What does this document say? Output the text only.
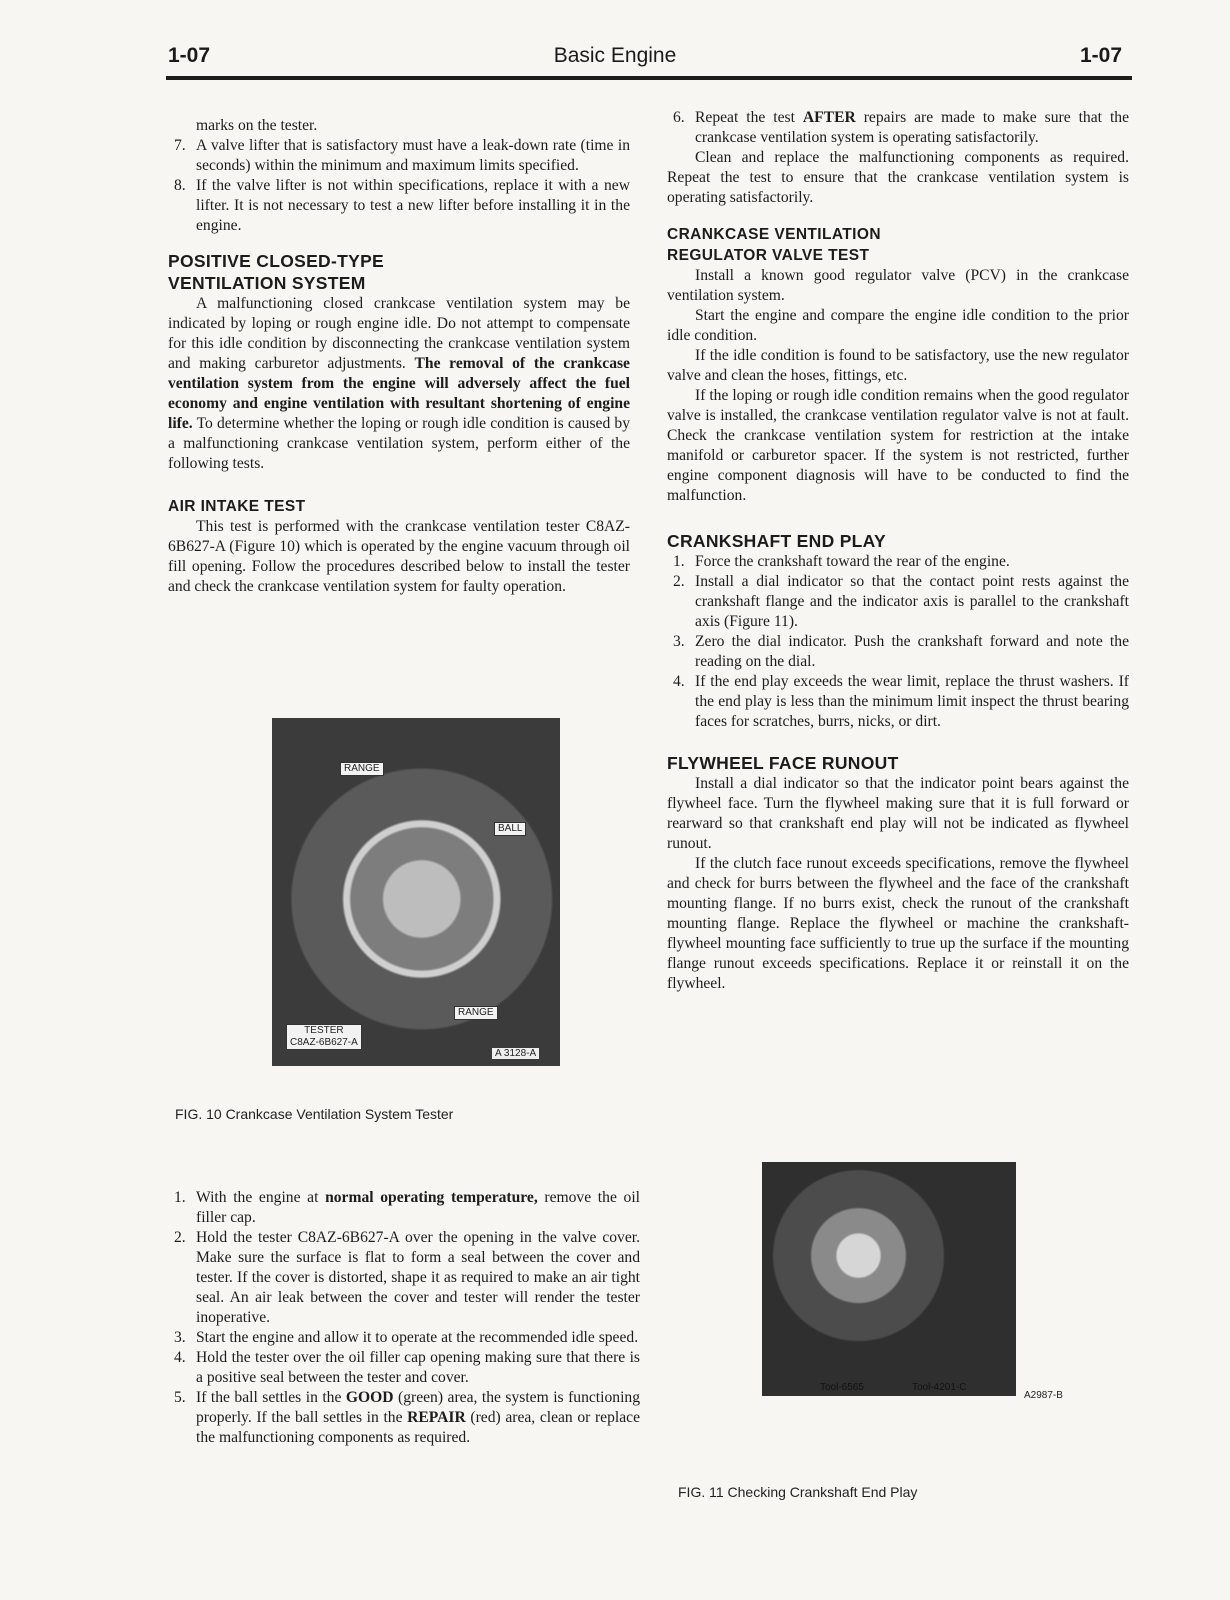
1-07	Basic Engine	1-07

marks on the tester.

7. A valve lifter that is satisfactory must have a leak-down rate (time in seconds) within the minimum and maximum limits specified.
8. If the valve lifter is not within specifications, replace it with a new lifter. It is not necessary to test a new lifter before installing it in the engine.
POSITIVE CLOSED-TYPE
VENTILATION SYSTEM

A malfunctioning closed crankcase ventilation system may be indicated by loping or rough engine idle. Do not attempt to compensate for this idle condition by disconnecting the crankcase ventilation system and making carburetor adjustments. The removal of the crankcase ventilation system from the engine will adversely affect the fuel economy and engine ventilation with resultant shortening of engine life. To determine whether the loping or rough idle condition is caused by a malfunctioning crankcase ventilation system, perform either of the following tests.

AIR INTAKE TEST

This test is performed with the crankcase ventilation tester C8AZ-6B627-A (Figure 10) which is operated by the engine vacuum through oil fill opening. Follow the procedures described below to install the tester and check the crankcase ventilation system for faulty operation.

RANGE
BALL
RANGE
TESTER
C8AZ-6B627-A
A 3128-A
FIG. 10 Crankcase Ventilation System Tester
1. With the engine at normal operating temperature, remove the oil filler cap.
2. Hold the tester C8AZ-6B627-A over the opening in the valve cover. Make sure the surface is flat to form a seal between the cover and tester. If the cover is distorted, shape it as required to make an air tight seal. An air leak between the cover and tester will render the tester inoperative.
3. Start the engine and allow it to operate at the recommended idle speed.
4. Hold the tester over the oil filler cap opening making sure that there is a positive seal between the tester and cover.
5. If the ball settles in the GOOD (green) area, the system is functioning properly. If the ball settles in the REPAIR (red) area, clean or replace the malfunctioning components as required.
6. Repeat the test AFTER repairs are made to make sure that the crankcase ventilation system is operating satisfactorily.

Clean and replace the malfunctioning components as required. Repeat the test to ensure that the crankcase ventilation system is operating satisfactorily.

CRANKCASE VENTILATION
REGULATOR VALVE TEST

Install a known good regulator valve (PCV) in the crankcase ventilation system.

Start the engine and compare the engine idle condition to the prior idle condition.

If the idle condition is found to be satisfactory, use the new regulator valve and clean the hoses, fittings, etc.

If the loping or rough idle condition remains when the good regulator valve is installed, the crankcase ventilation regulator valve is not at fault. Check the crankcase ventilation system for restriction at the intake manifold or carburetor spacer. If the system is not restricted, further engine component diagnosis will have to be conducted to find the malfunction.

CRANKSHAFT END PLAY
1. Force the crankshaft toward the rear of the engine.
2. Install a dial indicator so that the contact point rests against the crankshaft flange and the indicator axis is parallel to the crankshaft axis (Figure 11).
3. Zero the dial indicator. Push the crankshaft forward and note the reading on the dial.
4. If the end play exceeds the wear limit, replace the thrust washers. If the end play is less than the minimum limit inspect the thrust bearing faces for scratches, burrs, nicks, or dirt.
FLYWHEEL FACE RUNOUT

Install a dial indicator so that the indicator point bears against the flywheel face. Turn the flywheel making sure that it is full forward or rearward so that crankshaft end play will not be indicated as flywheel runout.

If the clutch face runout exceeds specifications, remove the flywheel and check for burrs between the flywheel and the face of the crankshaft mounting flange. If no burrs exist, check the runout of the crankshaft mounting flange. Replace the flywheel or machine the crankshaft-flywheel mounting face sufficiently to true up the surface if the mounting flange runout exceeds specifications. Replace it or reinstall it on the flywheel.

Tool-6565	Tool-4201-C
A2987-B
FIG. 11 Checking Crankshaft End Play
